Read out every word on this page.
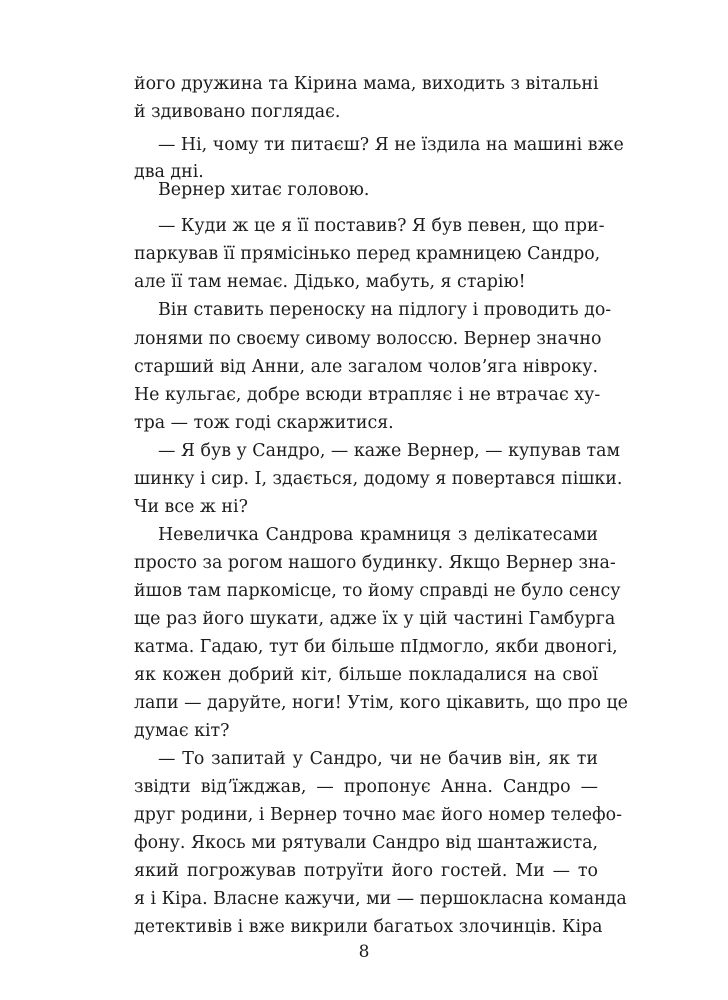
його дружина та Кірина мама, виходить з вітальні
й здивовано поглядає.
— Ні, чому ти питаєш? Я не їздила на машині вже
два дні.
Вернер хитає головою.
— Куди ж це я її поставив? Я був певен, що при-
паркував її прямісінько перед крамницею Сандро,
але її там немає. Дідько, мабуть, я старію!
Він ставить переноску на підлогу і проводить до-
лонями по своєму сивому волоссю. Вернер значно
старший від Анни, але загалом чоловʼяга нівроку.
Не кульгає, добре всюди втрапляє і не втрачає ху-
тра — тож годі скаржитися.
— Я був у Сандро, — каже Вернер, — купував там
шинку і сир. І, здається, додому я повертався пішки.
Чи все ж ні?
Невеличка Сандрова крамниця з делікатесами
просто за рогом нашого будинку. Якщо Вернер зна-
йшов там паркомісце, то йому справді не було сенсу
ще раз його шукати, адже їх у цій частині Гамбурга
катма. Гадаю, тут би більше пІдмогло, якби двоногі,
як кожен добрий кіт, більше покладалися на свої
лапи — даруйте, ноги! Утім, кого цікавить, що про це
думає кіт?
— То запитай у Сандро, чи не бачив він, як ти
звідти відʼїжджав, — пропонує Анна. Сандро —
друг родини, і Вернер точно має його номер телефо-
фону. Якось ми рятували Сандро від шантажиста,
який погрожував потруїти його гостей. Ми — то
я і Кіра. Власне кажучи, ми — першокласна команда
детективів і вже викрили багатьох злочинців. Кіра
8
